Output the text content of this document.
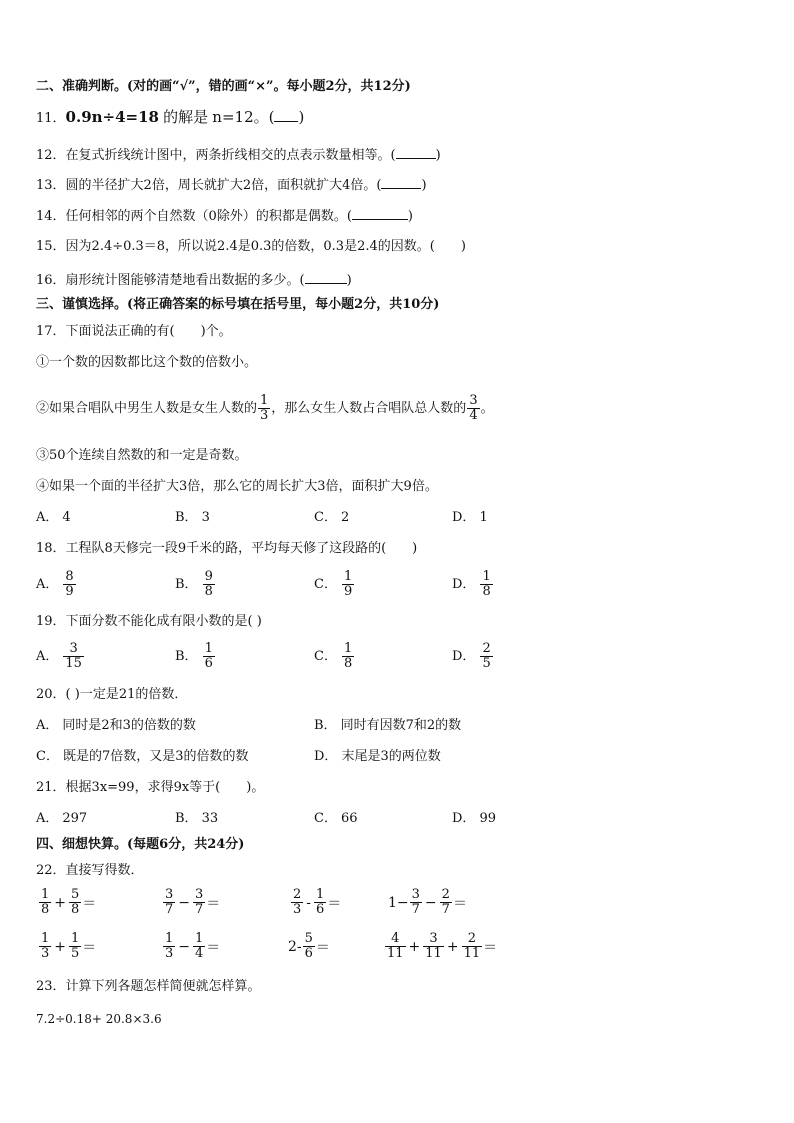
二、准确判断。(对的画“√”，错的画“×”。每小题2分，共12分)
11．0.9n÷4=18 的解是 n=12。( )
12．在复式折线统计图中，两条折线相交的点表示数量相等。(	)
13．圆的半径扩大2倍，周长就扩大2倍，面积就扩大4倍。(	)
14．任何相邻的两个自然数（0除外）的积都是偶数。(	)
15．因为2.4÷0.3＝8，所以说2.4是0.3的倍数，0.3是2.4的因数。(　　)
16．扇形统计图能够清楚地看出数据的多少。(	)
三、谨慎选择。(将正确答案的标号填在括号里，每小题2分，共10分)
17．下面说法正确的有(　　)个。
①一个数的因数都比这个数的倍数小。
②如果合唱队中男生人数是女生人数的 $\frac{1}{3}$ ，那么女生人数占合唱队总人数的 $\frac{3}{4}$ 。
③50个连续自然数的和一定是奇数。
④如果一个面的半径扩大3倍，那么它的周长扩大3倍，面积扩大9倍。
A． 4	B． 3	C． 2	D． 1
18．工程队8天修完一段9千米的路，平均每天修了这段路的(　　)
A． $\frac{8}{9}$	B． $\frac{9}{8}$	C． $\frac{1}{9}$	D． $\frac{1}{8}$
19．下面分数不能化成有限小数的是( )
A． $\frac{3}{15}$	B． $\frac{1}{6}$	C． $\frac{1}{8}$	D． $\frac{2}{5}$
20．( )一定是21的倍数．
A． 同时是2和3的倍数的数	B． 同时有因数7和2的数
C． 既是的7倍数，又是3的倍数的数	D． 末尾是3的两位数
21．根据3x=99，求得9x等于(　　)。
A． 297	B． 33	C． 66	D． 99
四、细想快算。(每题6分，共24分)
22．直接写得数．
$\frac{1}{8} + \frac{5}{8}$ ＝	$\frac{3}{7} - \frac{3}{7}$ ＝	$\frac{2}{3} - \frac{1}{6}$ ＝	$1- \frac{3}{7} - \frac{2}{7}$ ＝
$\frac{1}{3} + \frac{1}{5}$ ＝	$\frac{1}{3} - \frac{1}{4}$ ＝	$2- \frac{5}{6}$ ＝	$\frac{4}{11} + \frac{3}{11} + \frac{2}{11}$ ＝
23．计算下列各题怎样简便就怎样算。
7.2÷0.18+ 20.8×3.6
